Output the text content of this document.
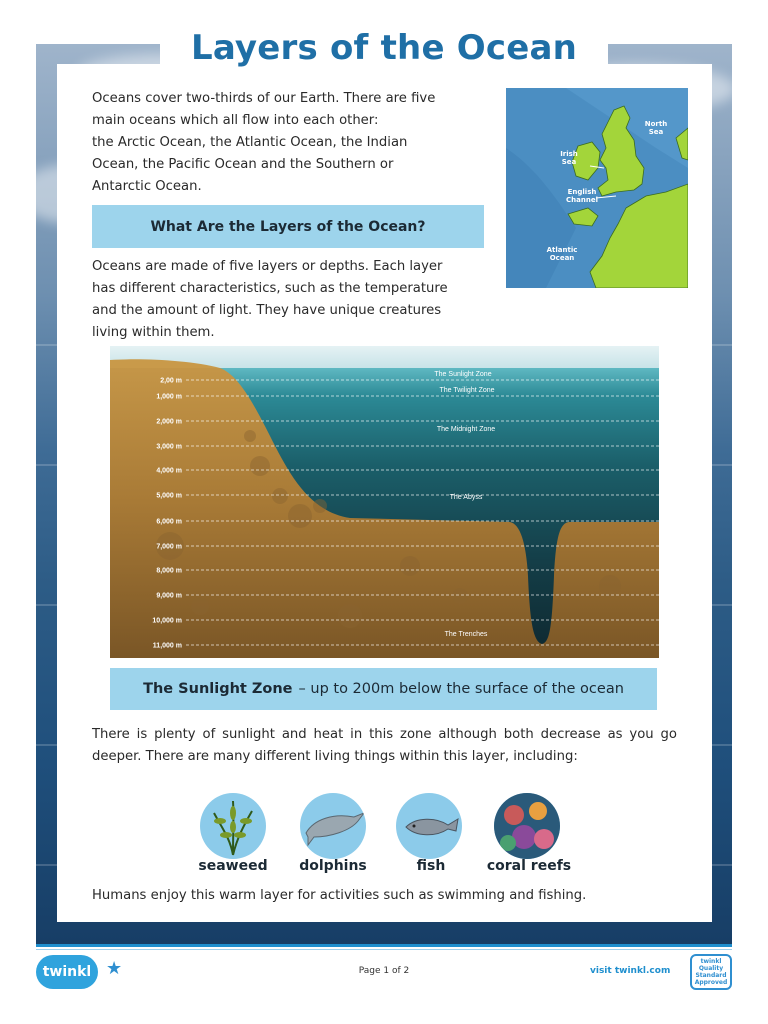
Layers of the Ocean
Oceans cover two-thirds of our Earth. There are five
main oceans which all flow into each other:
the Arctic Ocean, the Atlantic Ocean, the Indian
Ocean, the Pacific Ocean and the Southern or
Antarctic Ocean.
North Sea
Irish Sea
English Channel
Atlantic Ocean
What Are the Layers of the Ocean?
Oceans are made of five layers or depths. Each layer
has different characteristics, such as the temperature
and the amount of light. They have unique creatures
living within them.
2,00 m
1,000 m
2,000 m
3,000 m
4,000 m
5,000 m
6,000 m
7,000 m
8,000 m
9,000 m
10,000 m
11,000 m
The Sunlight Zone
The Twilight Zone
The Midnight Zone
The Abyss
The Trenches
The Sunlight Zone – up to 200m below the surface of the ocean
There is plenty of sunlight and heat in this zone although both decrease as you go deeper. There are many different living things within this layer, including:
seaweed	dolphins	fish	coral reefs
Humans enjoy this warm layer for activities such as swimming and fishing.
twinkl ★	Page 1 of 2	visit twinkl.com
twinkl
Quality Standard Approved
